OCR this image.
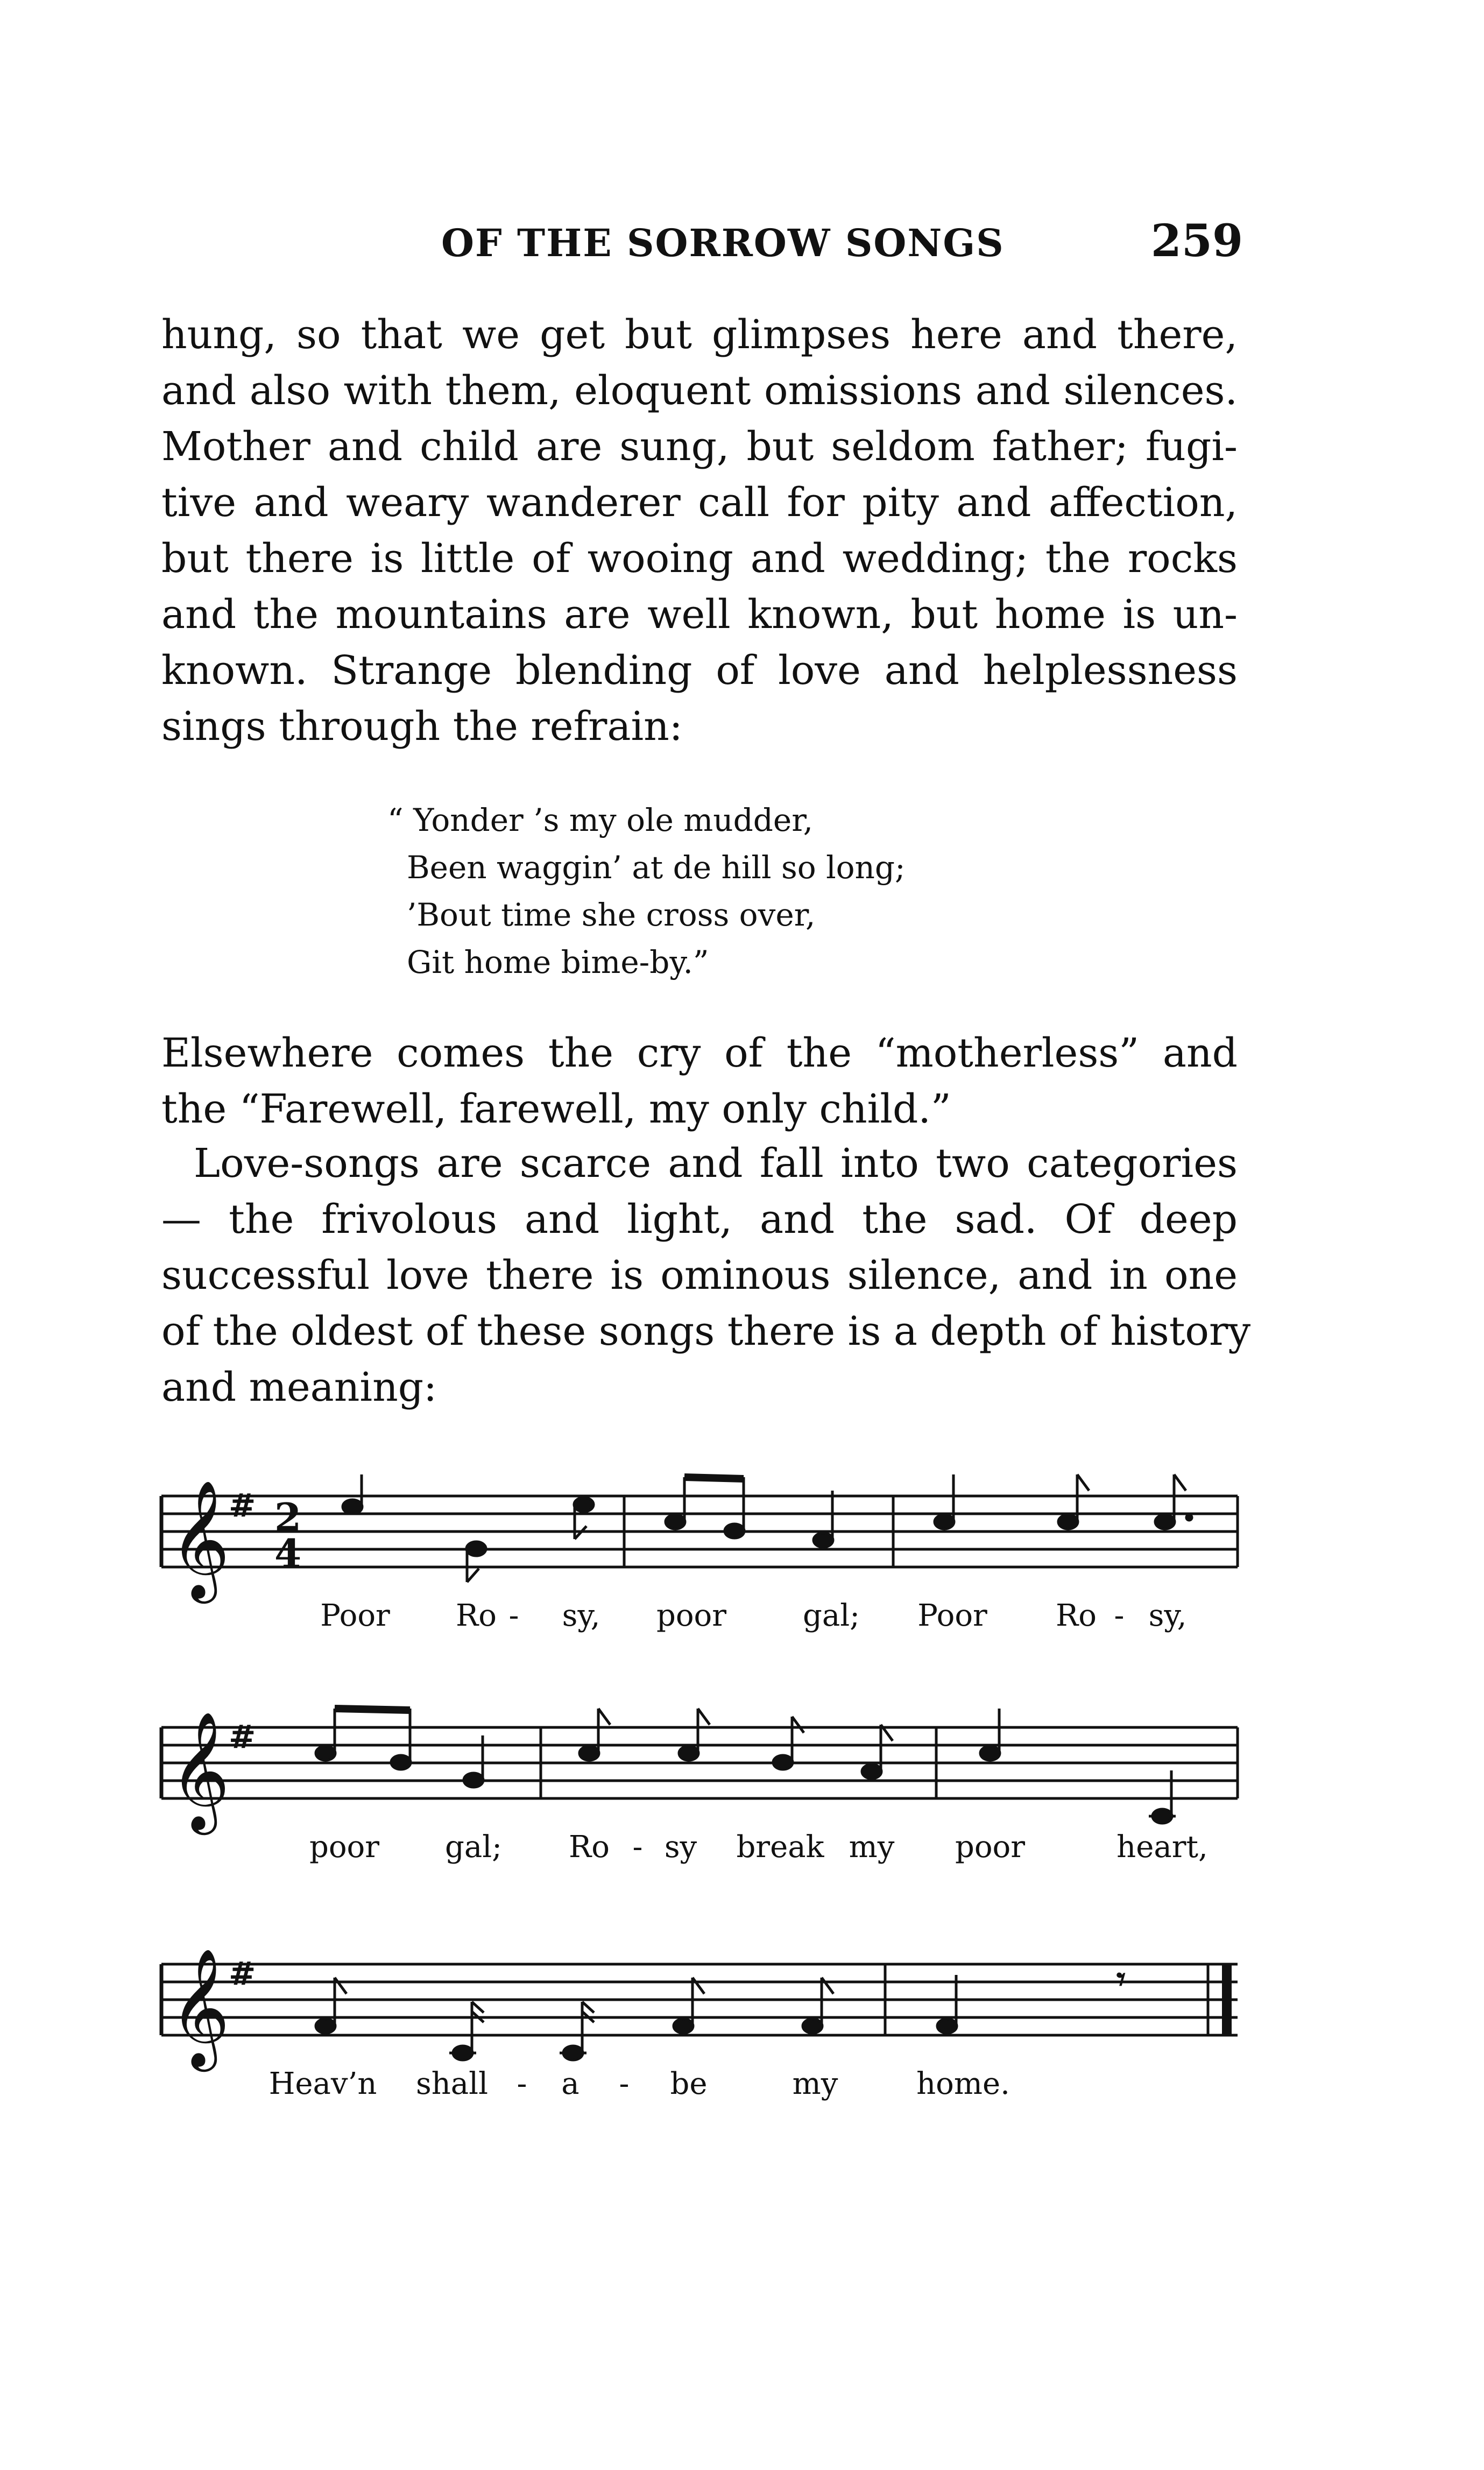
OF THE SORROW SONGS	259
hung, so that we get but glimpses here and there,
and also with them, eloquent omissions and silences.
Mother and child are sung, but seldom father; fugi-
tive and weary wanderer call for pity and affection,
but there is little of wooing and wedding; the rocks
and the mountains are well known, but home is un-
known. Strange blending of love and helplessness
sings through the refrain:
“ Yonder ’s my ole mudder,
Been waggin’ at de hill so long;
’Bout time she cross over,
Git home bime-by.”
Elsewhere comes the cry of the “motherless” and
the “Farewell, farewell, my only child.”
Love-songs are scarce and fall into two categories
— the frivolous and light, and the sad. Of deep
successful love there is ominous silence, and in one
of the oldest of these songs there is a depth of history
and meaning:
𝄞
# 2
4
Poor Ro - sy, poor	gal; Poor Ro - sy,
𝄞
#
poor gal; Ro - sy break my poor	heart,
𝄞
#	𝄾
Heav’n shall - a - be	my	home.
